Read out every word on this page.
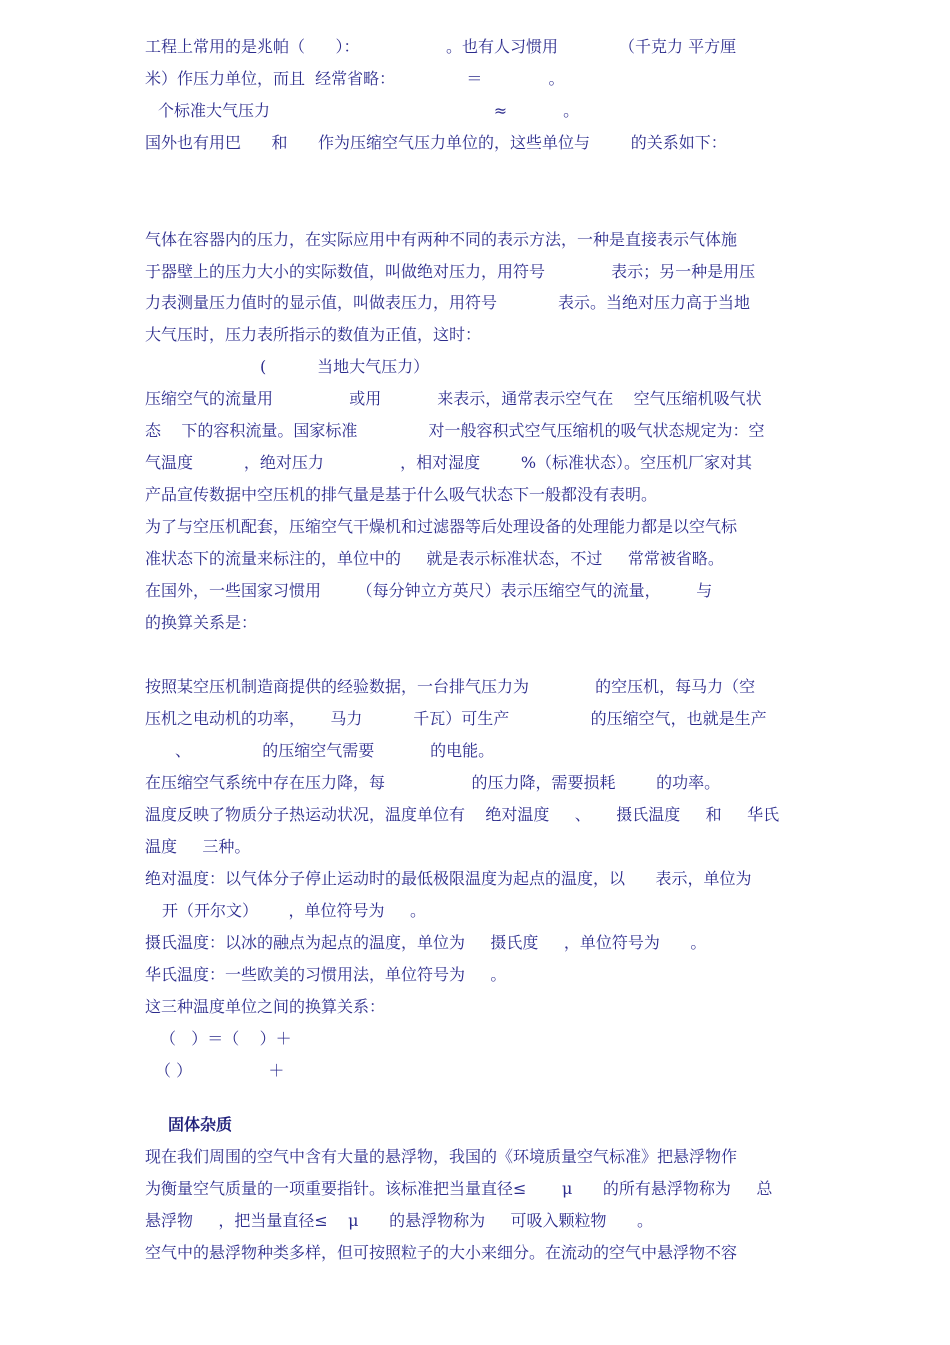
工程上常用的是兆帕（      ）：                 。也有人习惯用            （千克力 平方厘
米）作压力单位，而且  经常省略：              ＝             。
个标准大气压力                                            ≈           。
国外也有用巴      和      作为压缩空气压力单位的，这些单位与        的关系如下：
气体在容器内的压力，在实际应用中有两种不同的表示方法，一种是直接表示气体施
于器壁上的压力大小的实际数值，叫做绝对压力，用符号             表示；另一种是用压
力表测量压力值时的显示值，叫做表压力，用符号            表示。当绝对压力高于当地
大气压时，压力表所指示的数值为正值，这时：
(          当地大气压力）
压缩空气的流量用               或用           来表示，通常表示空气在    空气压缩机吸气状
态    下的容积流量。国家标准              对一般容积式空气压缩机的吸气状态规定为：空
气温度          ，绝对压力               ，相对湿度        %（标准状态）。空压机厂家对其
产品宣传数据中空压机的排气量是基于什么吸气状态下一般都没有表明。
为了与空压机配套，压缩空气干燥机和过滤器等后处理设备的处理能力都是以空气标
准状态下的流量来标注的，单位中的     就是表示标准状态，不过     常常被省略。
在国外，一些国家习惯用       （每分钟立方英尺）表示压缩空气的流量，       与
的换算关系是：
按照某空压机制造商提供的经验数据，一台排气压力为             的空压机，每马力（空
压机之电动机的功率，     马力          千瓦）可生产                的压缩空气，也就是生产
、              的压缩空气需要           的电能。
在压缩空气系统中存在压力降，每                 的压力降，需要损耗        的功率。
温度反映了物质分子热运动状况，温度单位有    绝对温度     、     摄氏温度     和     华氏
温度     三种。
绝对温度：以气体分子停止运动时的最低极限温度为起点的温度，以      表示，单位为
开（开尔文）      ，单位符号为     。
摄氏温度：以冰的融点为起点的温度，单位为     摄氏度     ，单位符号为      。
华氏温度：一些欧美的习惯用法，单位符号为     。
这三种温度单位之间的换算关系：
（   ）＝（    ）＋
（ ）               ＋
现在我们周围的空气中含有大量的悬浮物，我国的《环境质量空气标准》把悬浮物作
为衡量空气质量的一项重要指针。该标准把当量直径≤       μ      的所有悬浮物称为     总
悬浮物     ，把当量直径≤    μ      的悬浮物称为     可吸入颗粒物      。
空气中的悬浮物种类多样，但可按照粒子的大小来细分。在流动的空气中悬浮物不容
固体杂质
